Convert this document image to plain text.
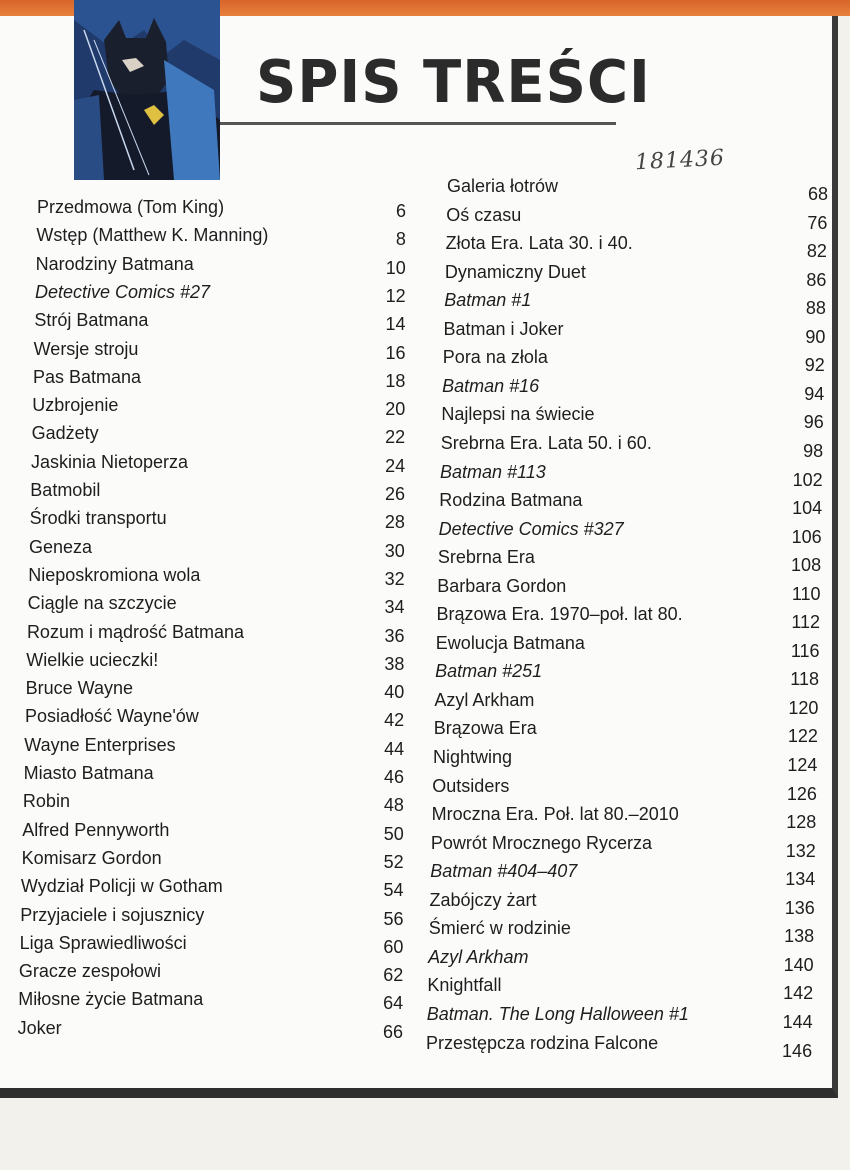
SPIS TREŚCI
181436
Przedmowa (Tom King)	6
Wstęp (Matthew K. Manning)	8
Narodziny Batmana	10
Detective Comics #27	12
Strój Batmana	14
Wersje stroju	16
Pas Batmana	18
Uzbrojenie	20
Gadżety	22
Jaskinia Nietoperza	24
Batmobil	26
Środki transportu	28
Geneza	30
Nieposkromiona wola	32
Ciągle na szczycie	34
Rozum i mądrość Batmana	36
Wielkie ucieczki!	38
Bruce Wayne	40
Posiadłość Wayne'ów	42
Wayne Enterprises	44
Miasto Batmana	46
Robin	48
Alfred Pennyworth	50
Komisarz Gordon	52
Wydział Policji w Gotham	54
Przyjaciele i sojusznicy	56
Liga Sprawiedliwości	60
Gracze zespołowi	62
Miłosne życie Batmana	64
Joker	66
Galeria łotrów	68
Oś czasu	76
Złota Era. Lata 30. i 40.	82
Dynamiczny Duet	86
Batman #1	88
Batman i Joker	90
Pora na złola	92
Batman #16	94
Najlepsi na świecie	96
Srebrna Era. Lata 50. i 60.	98
Batman #113	102
Rodzina Batmana	104
Detective Comics #327	106
Srebrna Era	108
Barbara Gordon	110
Brązowa Era. 1970–poł. lat 80.	112
Ewolucja Batmana	116
Batman #251	118
Azyl Arkham	120
Brązowa Era	122
Nightwing	124
Outsiders	126
Mroczna Era. Poł. lat 80.–2010	128
Powrót Mrocznego Rycerza	132
Batman #404–407	134
Zabójczy żart	136
Śmierć w rodzinie	138
Azyl Arkham	140
Knightfall	142
Batman. The Long Halloween #1	144
Przestępcza rodzina Falcone	146
